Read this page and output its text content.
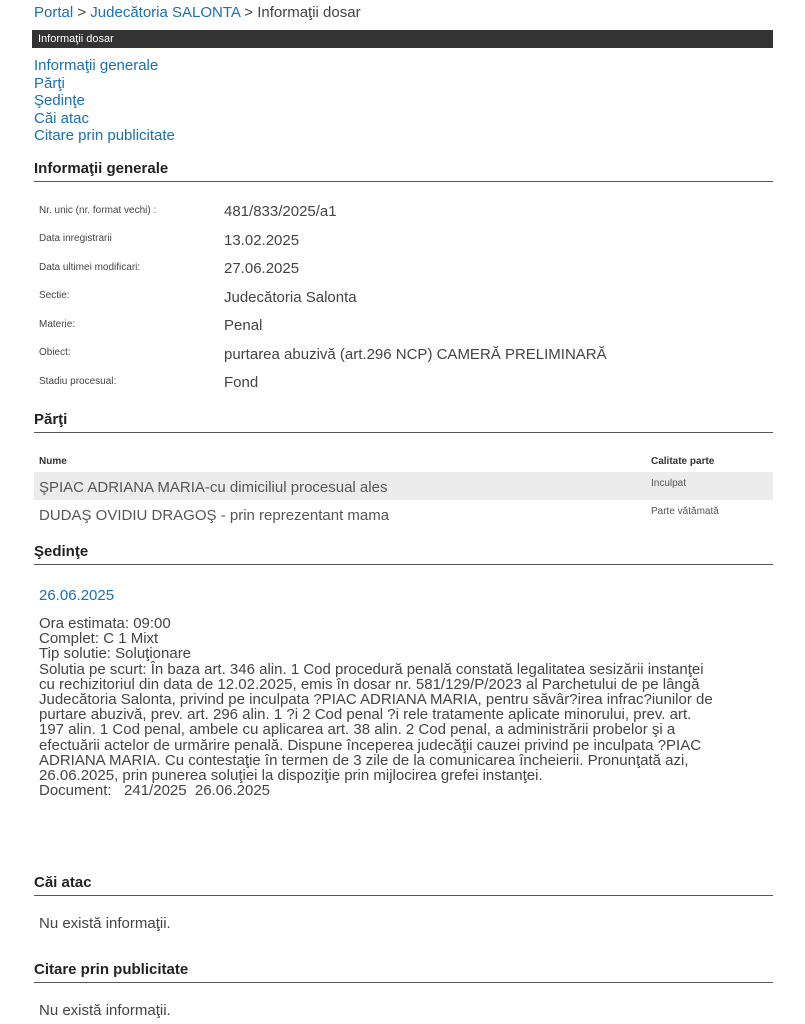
Portal > Judecătoria SALONTA > Informaţii dosar
Informaţii dosar
Informaţii generale
Părţi
Şedinţe
Căi atac
Citare prin publicitate
Informaţii generale
Nr. unic (nr. format vechi) :	481/833/2025/a1
Data inregistrarii	13.02.2025
Data ultimei modificari:	27.06.2025
Sectie:	Judecătoria Salonta
Materie:	Penal
Obiect:	purtarea abuzivă (art.296 NCP) CAMERĂ PRELIMINARĂ
Stadiu procesual:	Fond
Părţi
Nume	Calitate parte
ŞPIAC ADRIANA MARIA-cu dimiciliul procesual ales	Inculpat
DUDAŞ OVIDIU DRAGOŞ - prin reprezentant mama	Parte vătămată
Şedinţe
26.06.2025
Ora estimata: 09:00
Complet: C 1 Mixt
Tip solutie: Soluţionare
Solutia pe scurt: În baza art. 346 alin. 1 Cod procedură penală constată legalitatea sesizării instanţei
cu rechizitoriul din data de 12.02.2025, emis în dosar nr. 581/129/P/2023 al Parchetului de pe lângă
Judecătoria Salonta, privind pe inculpata ?PIAC ADRIANA MARIA, pentru săvâr?irea infrac?iunilor de
purtare abuzivă, prev. art. 296 alin. 1 ?i 2 Cod penal ?i rele tratamente aplicate minorului, prev. art.
197 alin. 1 Cod penal, ambele cu aplicarea art. 38 alin. 2 Cod penal, a administrării probelor şi a
efectuării actelor de urmărire penală. Dispune începerea judecăţii cauzei privind pe inculpata ?PIAC
ADRIANA MARIA. Cu contestaţie în termen de 3 zile de la comunicarea încheierii. Pronunţată azi,
26.06.2025, prin punerea soluţiei la dispoziţie prin mijlocirea grefei instanţei.
Document:   241/2025  26.06.2025
Căi atac
Nu există informaţii.
Citare prin publicitate
Nu există informaţii.
